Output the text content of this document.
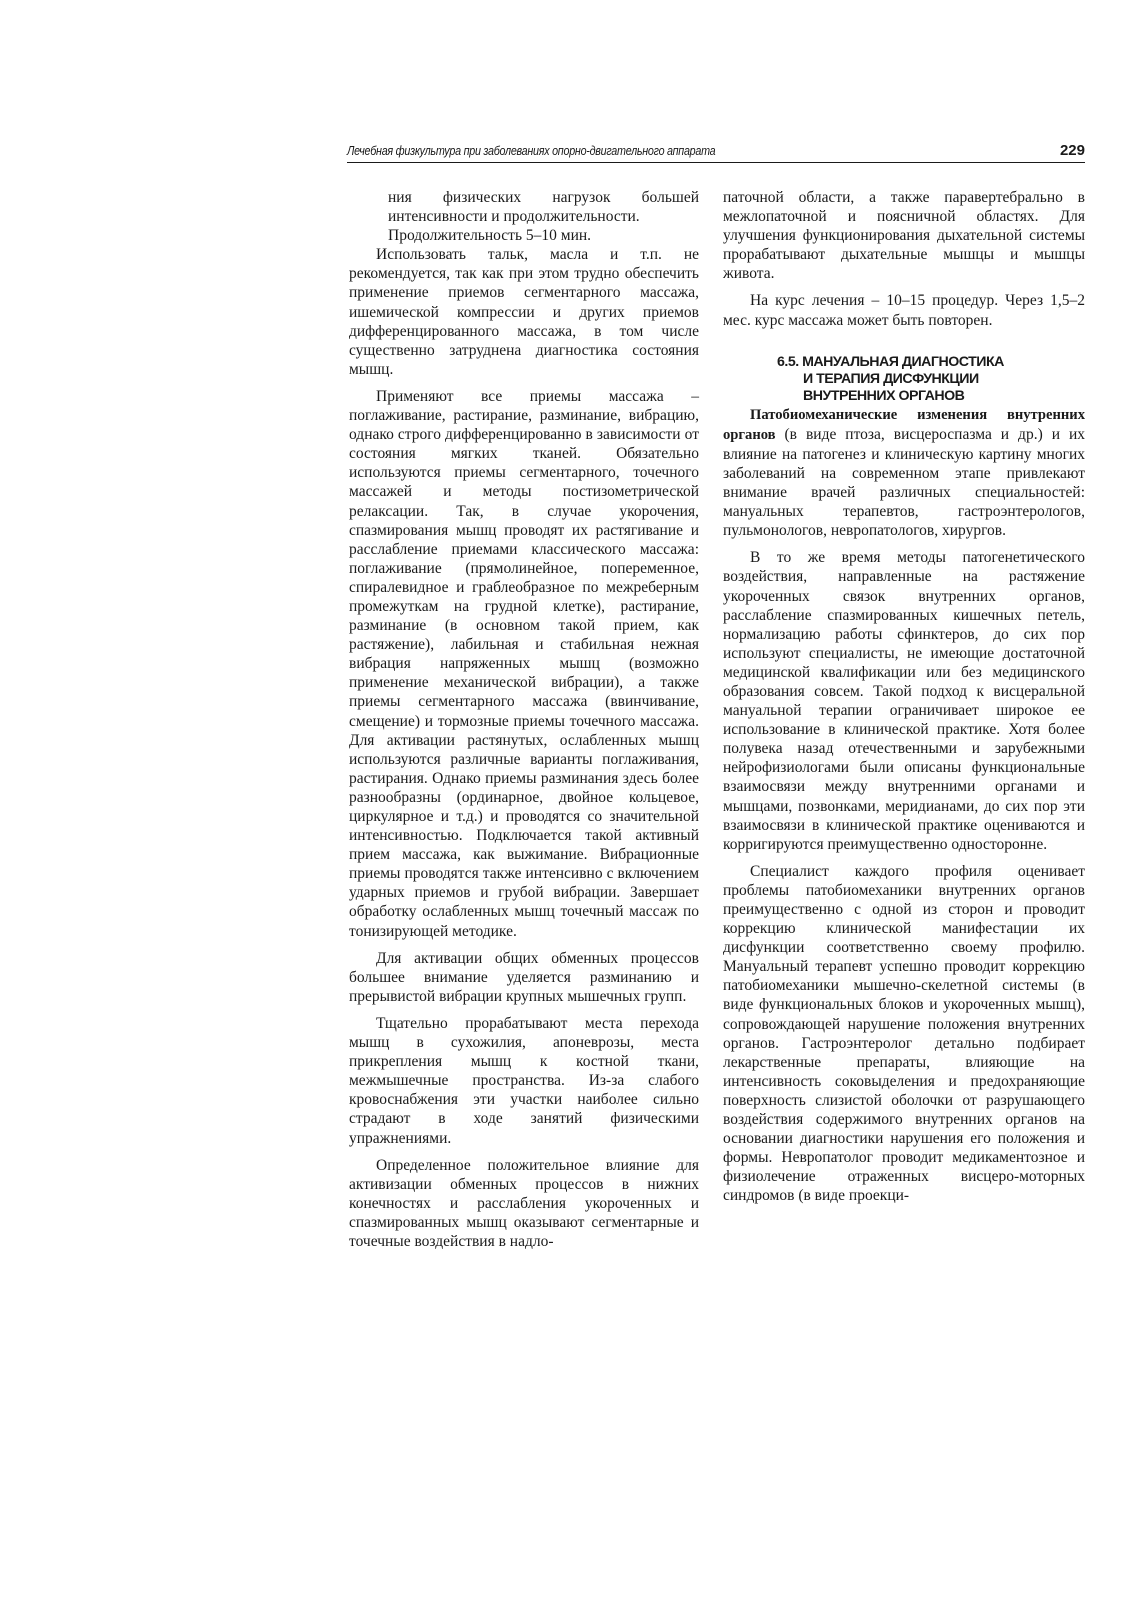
Лечебная физкультура при заболеваниях опорно-двигательного аппарата	229

ния физических нагрузок большей интенсивности и продолжительности.

Продолжительность 5–10 мин.

Использовать тальк, масла и т.п. не рекомендуется, так как при этом трудно обеспечить применение приемов сегментарного массажа, ишемической компрессии и других приемов дифференцированного массажа, в том числе существенно затруднена диагностика состояния мышц.

Применяют все приемы массажа – поглаживание, растирание, разминание, вибрацию, однако строго дифференцированно в зависимости от состояния мягких тканей. Обязательно используются приемы сегментарного, точечного массажей и методы постизометрической релаксации. Так, в случае укорочения, спазмирования мышц проводят их растягивание и расслабление приемами классического массажа: поглаживание (прямолинейное, попеременное, спиралевидное и граблеобразное по межреберным промежуткам на грудной клетке), растирание, разминание (в основном такой прием, как растяжение), лабильная и стабильная нежная вибрация напряженных мышц (возможно применение механической вибрации), а также приемы сегментарного массажа (ввинчивание, смещение) и тормозные приемы точечного массажа. Для активации растянутых, ослабленных мышц используются различные варианты поглаживания, растирания. Однако приемы разминания здесь более разнообразны (ординарное, двойное кольцевое, циркулярное и т.д.) и проводятся со значительной интенсивностью. Подключается такой активный прием массажа, как выжимание. Вибрационные приемы проводятся также интенсивно с включением ударных приемов и грубой вибрации. Завершает обработку ослабленных мышц точечный массаж по тонизирующей методике.

Для активации общих обменных процессов большее внимание уделяется разминанию и прерывистой вибрации крупных мышечных групп.

Тщательно прорабатывают места перехода мышц в сухожилия, апоневрозы, места прикрепления мышц к костной ткани, межмышечные пространства. Из-за слабого кровоснабжения эти участки наиболее сильно страдают в ходе занятий физическими упражнениями.

Определенное положительное влияние для активизации обменных процессов в нижних конечностях и расслабления укороченных и спазмированных мышц оказывают сегментарные и точечные воздействия в надло-

паточной области, а также паравертебрально в межлопаточной и поясничной областях. Для улучшения функционирования дыхательной системы прорабатывают дыхательные мышцы и мышцы живота.

На курс лечения – 10–15 процедур. Через 1,5–2 мес. курс массажа может быть повторен.

6.5. МАНУАЛЬНАЯ ДИАГНОСТИКА
И ТЕРАПИЯ ДИСФУНКЦИИ
ВНУТРЕННИХ ОРГАНОВ

Патобиомеханические изменения внутренних органов (в виде птоза, висцероспазма и др.) и их влияние на патогенез и клиническую картину многих заболеваний на современном этапе привлекают внимание врачей различных специальностей: мануальных терапевтов, гастроэнтерологов, пульмонологов, невропатологов, хирургов.

В то же время методы патогенетического воздействия, направленные на растяжение укороченных связок внутренних органов, расслабление спазмированных кишечных петель, нормализацию работы сфинктеров, до сих пор используют специалисты, не имеющие достаточной медицинской квалификации или без медицинского образования совсем. Такой подход к висцеральной мануальной терапии ограничивает широкое ее использование в клинической практике. Хотя более полувека назад отечественными и зарубежными нейрофизиологами были описаны функциональные взаимосвязи между внутренними органами и мышцами, позвонками, меридианами, до сих пор эти взаимосвязи в клинической практике оцениваются и корригируются преимущественно односторонне.

Специалист каждого профиля оценивает проблемы патобиомеханики внутренних органов преимущественно с одной из сторон и проводит коррекцию клинической манифестации их дисфункции соответственно своему профилю. Мануальный терапевт успешно проводит коррекцию патобиомеханики мышечно-скелетной системы (в виде функциональных блоков и укороченных мышц), сопровождающей нарушение положения внутренних органов. Гастроэнтеролог детально подбирает лекарственные препараты, влияющие на интенсивность соковыделения и предохраняющие поверхность слизистой оболочки от разрушающего воздействия содержимого внутренних органов на основании диагностики нарушения его положения и формы. Невропатолог проводит медикаментозное и физиолечение отраженных висцеро-моторных синдромов (в виде проекци-
